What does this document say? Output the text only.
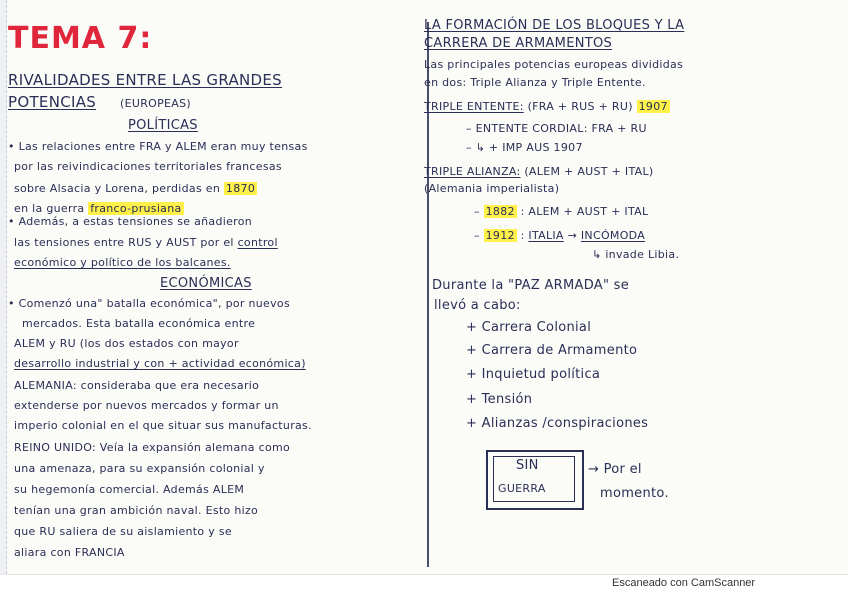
TEMA 7:
RIVALIDADES ENTRE LAS GRANDES
POTENCIAS (EUROPEAS)
POLÍTICAS
• Las relaciones entre FRA y ALEM eran muy tensas
por las reivindicaciones territoriales francesas
sobre Alsacia y Lorena, perdidas en 1870
en la guerra franco-prusiana
• Además, a estas tensiones se añadieron
las tensiones entre RUS y AUST por el control
económico y político de los balcanes.
ECONÓMICAS
• Comenzó una" batalla económica", por nuevos
mercados. Esta batalla económica entre
ALEM y RU (los dos estados con mayor
desarrollo industrial y con + actividad económica)
ALEMANIA: consideraba que era necesario
extenderse por nuevos mercados y formar un
imperio colonial en el que situar sus manufacturas.
REINO UNIDO: Veía la expansión alemana como
una amenaza, para su expansión colonial y
su hegemonía comercial. Además ALEM
tenían una gran ambición naval. Esto hizo
que RU saliera de su aislamiento y se
aliara con FRANCIA
LA FORMACIÓN DE LOS BLOQUES Y LA
CARRERA DE ARMAMENTOS
Las principales potencias europeas divididas
en dos: Triple Alianza y Triple Entente.
TRIPLE ENTENTE: (FRA + RUS + RU) 1907
– ENTENTE CORDIAL: FRA + RU
– ↳ + IMP AUS 1907
TRIPLE ALIANZA: (ALEM + AUST + ITAL)
(Alemania imperialista)
– 1882 : ALEM + AUST + ITAL
– 1912 : ITALIA → INCÓMODA
↳ invade Libia.
Durante la "PAZ ARMADA" se
llevó a cabo:
+ Carrera Colonial
+ Carrera de Armamento
+ Inquietud política
+ Tensión
+ Alianzas /conspiraciones
SIN
GUERRA
→ Por el
momento.
Escaneado con CamScanner
